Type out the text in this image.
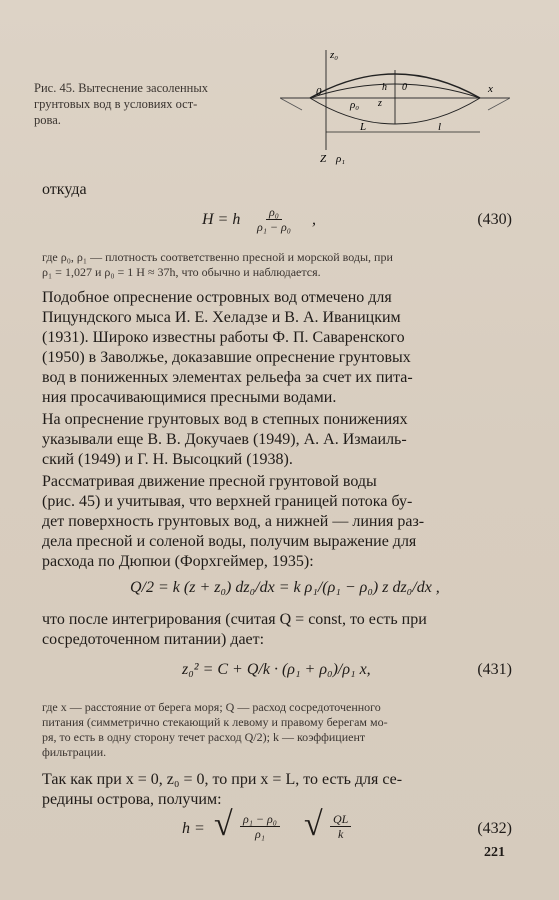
Рис. 45. Вытеснение засоленных
грунтовых вод в условиях ост-
рова.
z₀
0	x
ρ₀ z
0
h
L	l
Z ρ₁
откуда
H = h $\frac{\text{ρ₀}}{\text{ρ₁ − ρ₀}}$ ,	(430)
где ρ₀, ρ₁ — плотность соответственно пресной и морской воды, при
ρ₁ = 1,027 и ρ₀ = 1 H ≈ 37h, что обычно и наблюдается.
Подобное опреснение островных вод отмечено для
Пицундского мыса И. Е. Хеладзе и В. А. Иваницким
(1931). Широко известны работы Ф. П. Саваренского
(1950) в Заволжье, доказавшие опреснение грунтовых
вод в пониженных элементах рельефа за счет их пита-
ния просачивающимися пресными водами.
На опреснение грунтовых вод в степных понижениях
указывали еще В. В. Докучаев (1949), А. А. Измаиль-
ский (1949) и Г. Н. Высоцкий (1938).
Рассматривая движение пресной грунтовой воды
(рис. 45) и учитывая, что верхней границей потока бу-
дет поверхность грунтовых вод, а нижней — линия раз-
дела пресной и соленой воды, получим выражение для
расхода по Дюпюи (Форхгеймер, 1935):
Q/2 = k (z + z₀) dz₀/dx = k ρ₁/(ρ₁ − ρ₀) z dz₀/dx ,
что после интегрирования (считая Q = const, то есть при
сосредоточенном питании) дает:
z₀² = C + Q/k · (ρ₁ + ρ₀)/ρ₁ x,	(431)
где x — расстояние от берега моря; Q — расход сосредоточенного
питания (симметрично стекающий к левому и правому берегам мо-
ря, то есть в одну сторону течет расход Q/2); k — коэффициент
фильтрации.
Так как при x = 0, z₀ = 0, то при x = L, то есть для се-
редины острова, получим:
h = √ $\frac{\text{ρ₁ − ρ₀}}{\text{ρ₁}}$ √ $\frac{QL}{k}$	(432)
221
